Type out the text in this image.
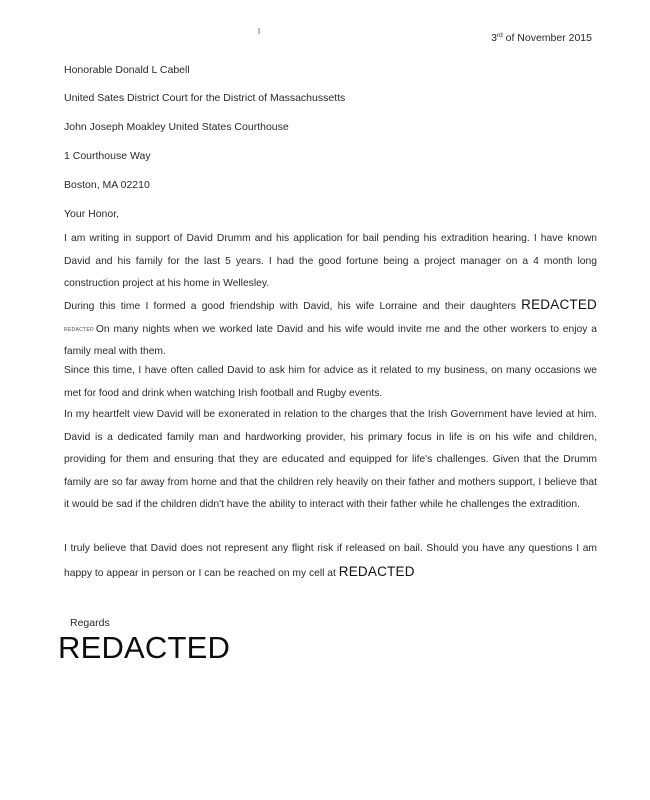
3rd of November 2015
Honorable Donald L Cabell
United Sates District Court for the District of Massachussetts
John Joseph Moakley United States Courthouse
1 Courthouse Way
Boston, MA 02210
Your Honor,
I am writing in support of David Drumm and his application for bail pending his extradition hearing. I have known David and his family for the last 5 years. I had the good fortune being a project manager on a 4 month long construction project at his home in Wellesley.
During this time I formed a good friendship with David, his wife Lorraine and their daughters REDACTED REDACTED On many nights when we worked late David and his wife would invite me and the other workers to enjoy a family meal with them.
Since this time, I have often called David to ask him for advice as it related to my business, on many occasions we met for food and drink when watching Irish football and Rugby events.
In my heartfelt view David will be exonerated in relation to the charges that the Irish Government have levied at him. David is a dedicated family man and hardworking provider, his primary focus in life is on his wife and children, providing for them and ensuring that they are educated and equipped for life's challenges. Given that the Drumm family are so far away from home and that the children rely heavily on their father and mothers support, I believe that it would be sad if the children didn't have the ability to interact with their father while he challenges the extradition.
I truly believe that David does not represent any flight risk if released on bail. Should you have any questions I am happy to appear in person or I can be reached on my cell at REDACTED
Regards
REDACTED
